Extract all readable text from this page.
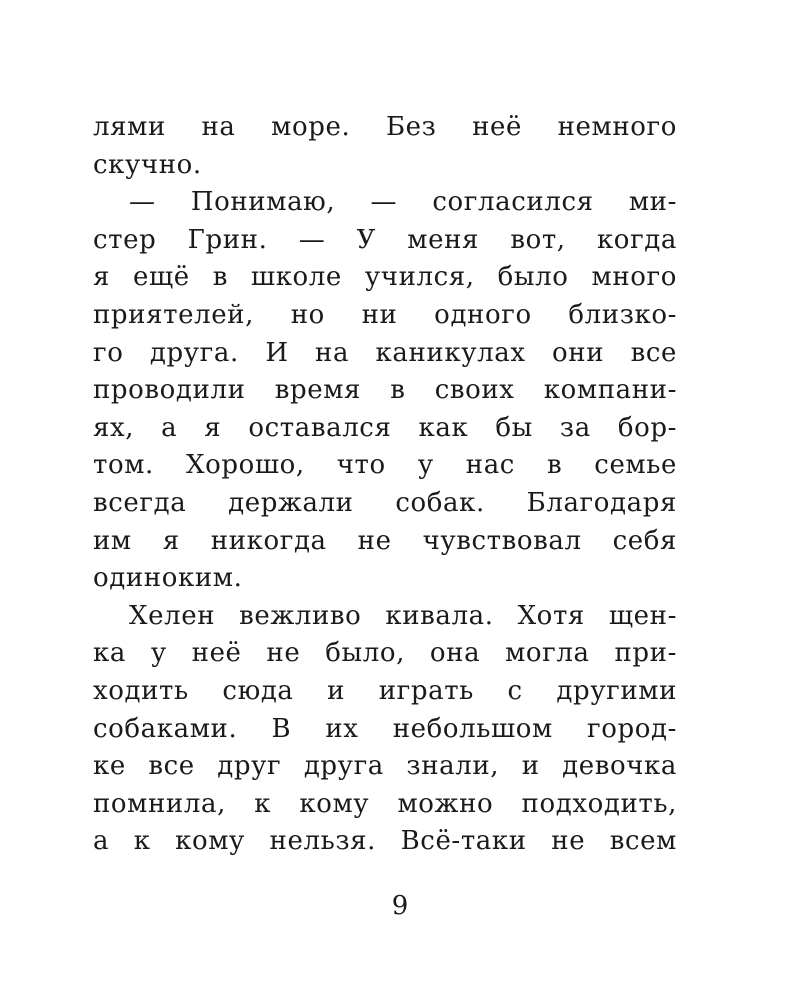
лями на море. Без неё немного
скучно.
— Понимаю, — согласился ми-
стер Грин. — У меня вот, когда
я ещё в школе учился, было много
приятелей, но ни одного близко-
го друга. И на каникулах они все
проводили время в своих компани-
ях, а я оставался как бы за бор-
том. Хорошо, что у нас в семье
всегда держали собак. Благодаря
им я никогда не чувствовал себя
одиноким.
Хелен вежливо кивала. Хотя щен-
ка у неё не было, она могла при-
ходить сюда и играть с другими
собаками. В их небольшом город-
ке все друг друга знали, и девочка
помнила, к кому можно подходить,
а к кому нельзя. Всё-таки не всем
9
